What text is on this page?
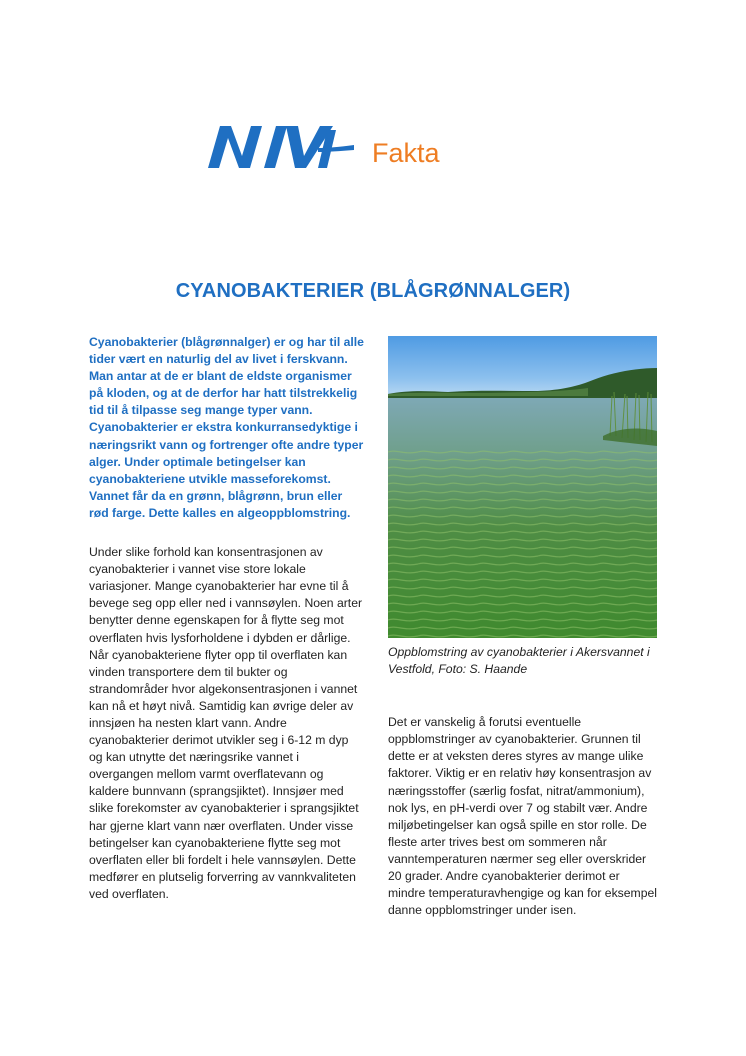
Fakta
CYANOBAKTERIER (BLÅGRØNNALGER)

Cyanobakterier (blågrønnalger) er og har til alle tider vært en naturlig del av livet i ferskvann. Man antar at de er blant de eldste organismer på kloden, og at de derfor har hatt tilstrekkelig tid til å tilpasse seg mange typer vann. Cyanobakterier er ekstra konkurransedyktige i næringsrikt vann og fortrenger ofte andre typer alger. Under optimale betingelser kan cyanobakteriene utvikle masseforekomst. Vannet får da en grønn, blågrønn, brun eller rød farge. Dette kalles en algeoppblomstring.

Under slike forhold kan konsentrasjonen av cyanobakterier i vannet vise store lokale variasjoner. Mange cyanobakterier har evne til å bevege seg opp eller ned i vannsøylen. Noen arter benytter denne egenskapen for å flytte seg mot overflaten hvis lysforholdene i dybden er dårlige. Når cyanobakteriene flyter opp til overflaten kan vinden transportere dem til bukter og strandområder hvor algekonsentrasjonen i vannet kan nå et høyt nivå. Samtidig kan øvrige deler av innsjøen ha nesten klart vann. Andre cyanobakterier derimot utvikler seg i 6-12 m dyp og kan utnytte det næringsrike vannet i overgangen mellom varmt overflatevann og kaldere bunnvann (sprangsjiktet). Innsjøer med slike forekomster av cyanobakterier i sprangsjiktet har gjerne klart vann nær overflaten. Under visse betingelser kan cyanobakteriene flytte seg mot overflaten eller bli fordelt i hele vannsøylen. Dette medfører en plutselig forverring av vannkvaliteten ved overflaten.

Oppblomstring av cyanobakterier i Akersvannet i Vestfold, Foto: S. Haande

Det er vanskelig å forutsi eventuelle oppblomstringer av cyanobakterier. Grunnen til dette er at veksten deres styres av mange ulike faktorer. Viktig er en relativ høy konsentrasjon av næringsstoffer (særlig fosfat, nitrat/ammonium), nok lys, en pH-verdi over 7 og stabilt vær. Andre miljøbetingelser kan også spille en stor rolle. De fleste arter trives best om sommeren når vanntemperaturen nærmer seg eller overskrider 20 grader. Andre cyanobakterier derimot er mindre temperaturavhengige og kan for eksempel danne oppblomstringer under isen.
